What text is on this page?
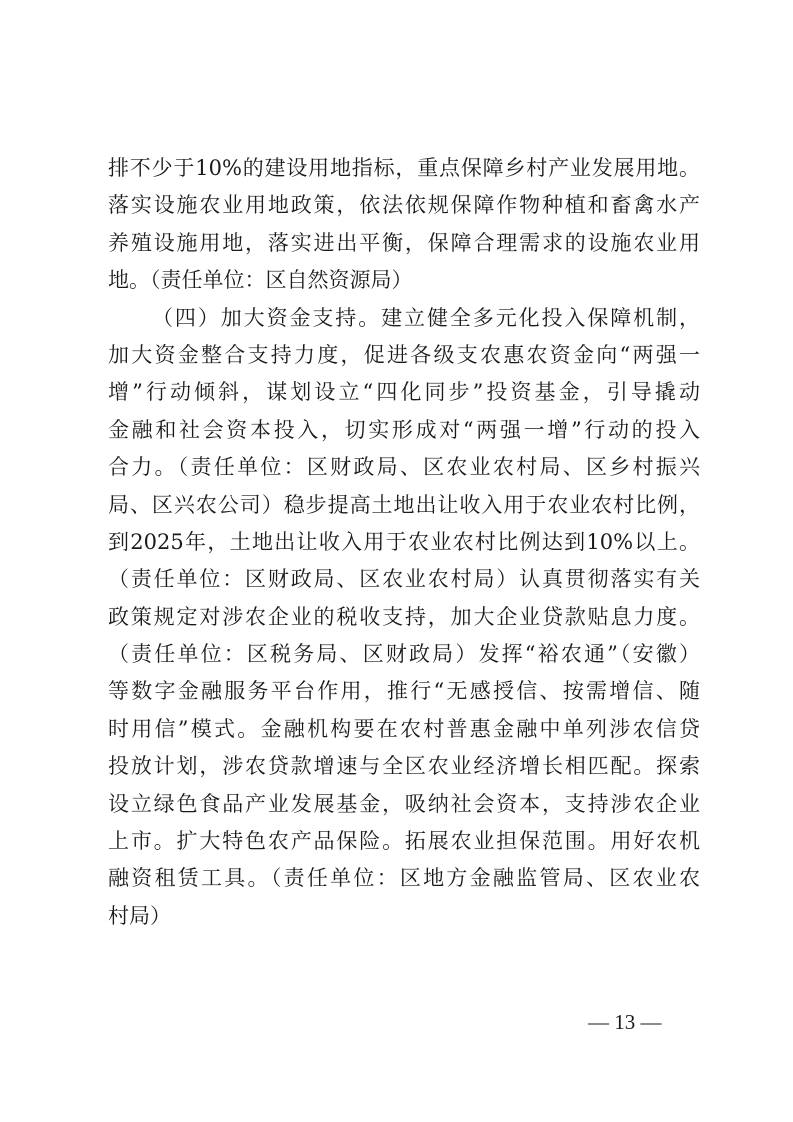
排不少于10%的建设用地指标，重点保障乡村产业发展用地。
落实设施农业用地政策，依法依规保障作物种植和畜禽水产
养殖设施用地，落实进出平衡，保障合理需求的设施农业用
地。（责任单位：区自然资源局）
（四）加大资金支持。建立健全多元化投入保障机制，
加大资金整合支持力度，促进各级支农惠农资金向“两强一
增”行动倾斜，谋划设立“四化同步”投资基金，引导撬动
金融和社会资本投入，切实形成对“两强一增”行动的投入
合力。（责任单位：区财政局、区农业农村局、区乡村振兴
局、区兴农公司）稳步提高土地出让收入用于农业农村比例，
到2025年，土地出让收入用于农业农村比例达到10%以上。
（责任单位：区财政局、区农业农村局）认真贯彻落实有关
政策规定对涉农企业的税收支持，加大企业贷款贴息力度。
（责任单位：区税务局、区财政局）发挥“裕农通”（安徽）
等数字金融服务平台作用，推行“无感授信、按需增信、随
时用信”模式。金融机构要在农村普惠金融中单列涉农信贷
投放计划，涉农贷款增速与全区农业经济增长相匹配。探索
设立绿色食品产业发展基金，吸纳社会资本，支持涉农企业
上市。扩大特色农产品保险。拓展农业担保范围。用好农机
融资租赁工具。（责任单位：区地方金融监管局、区农业农
村局）
— 13 —
